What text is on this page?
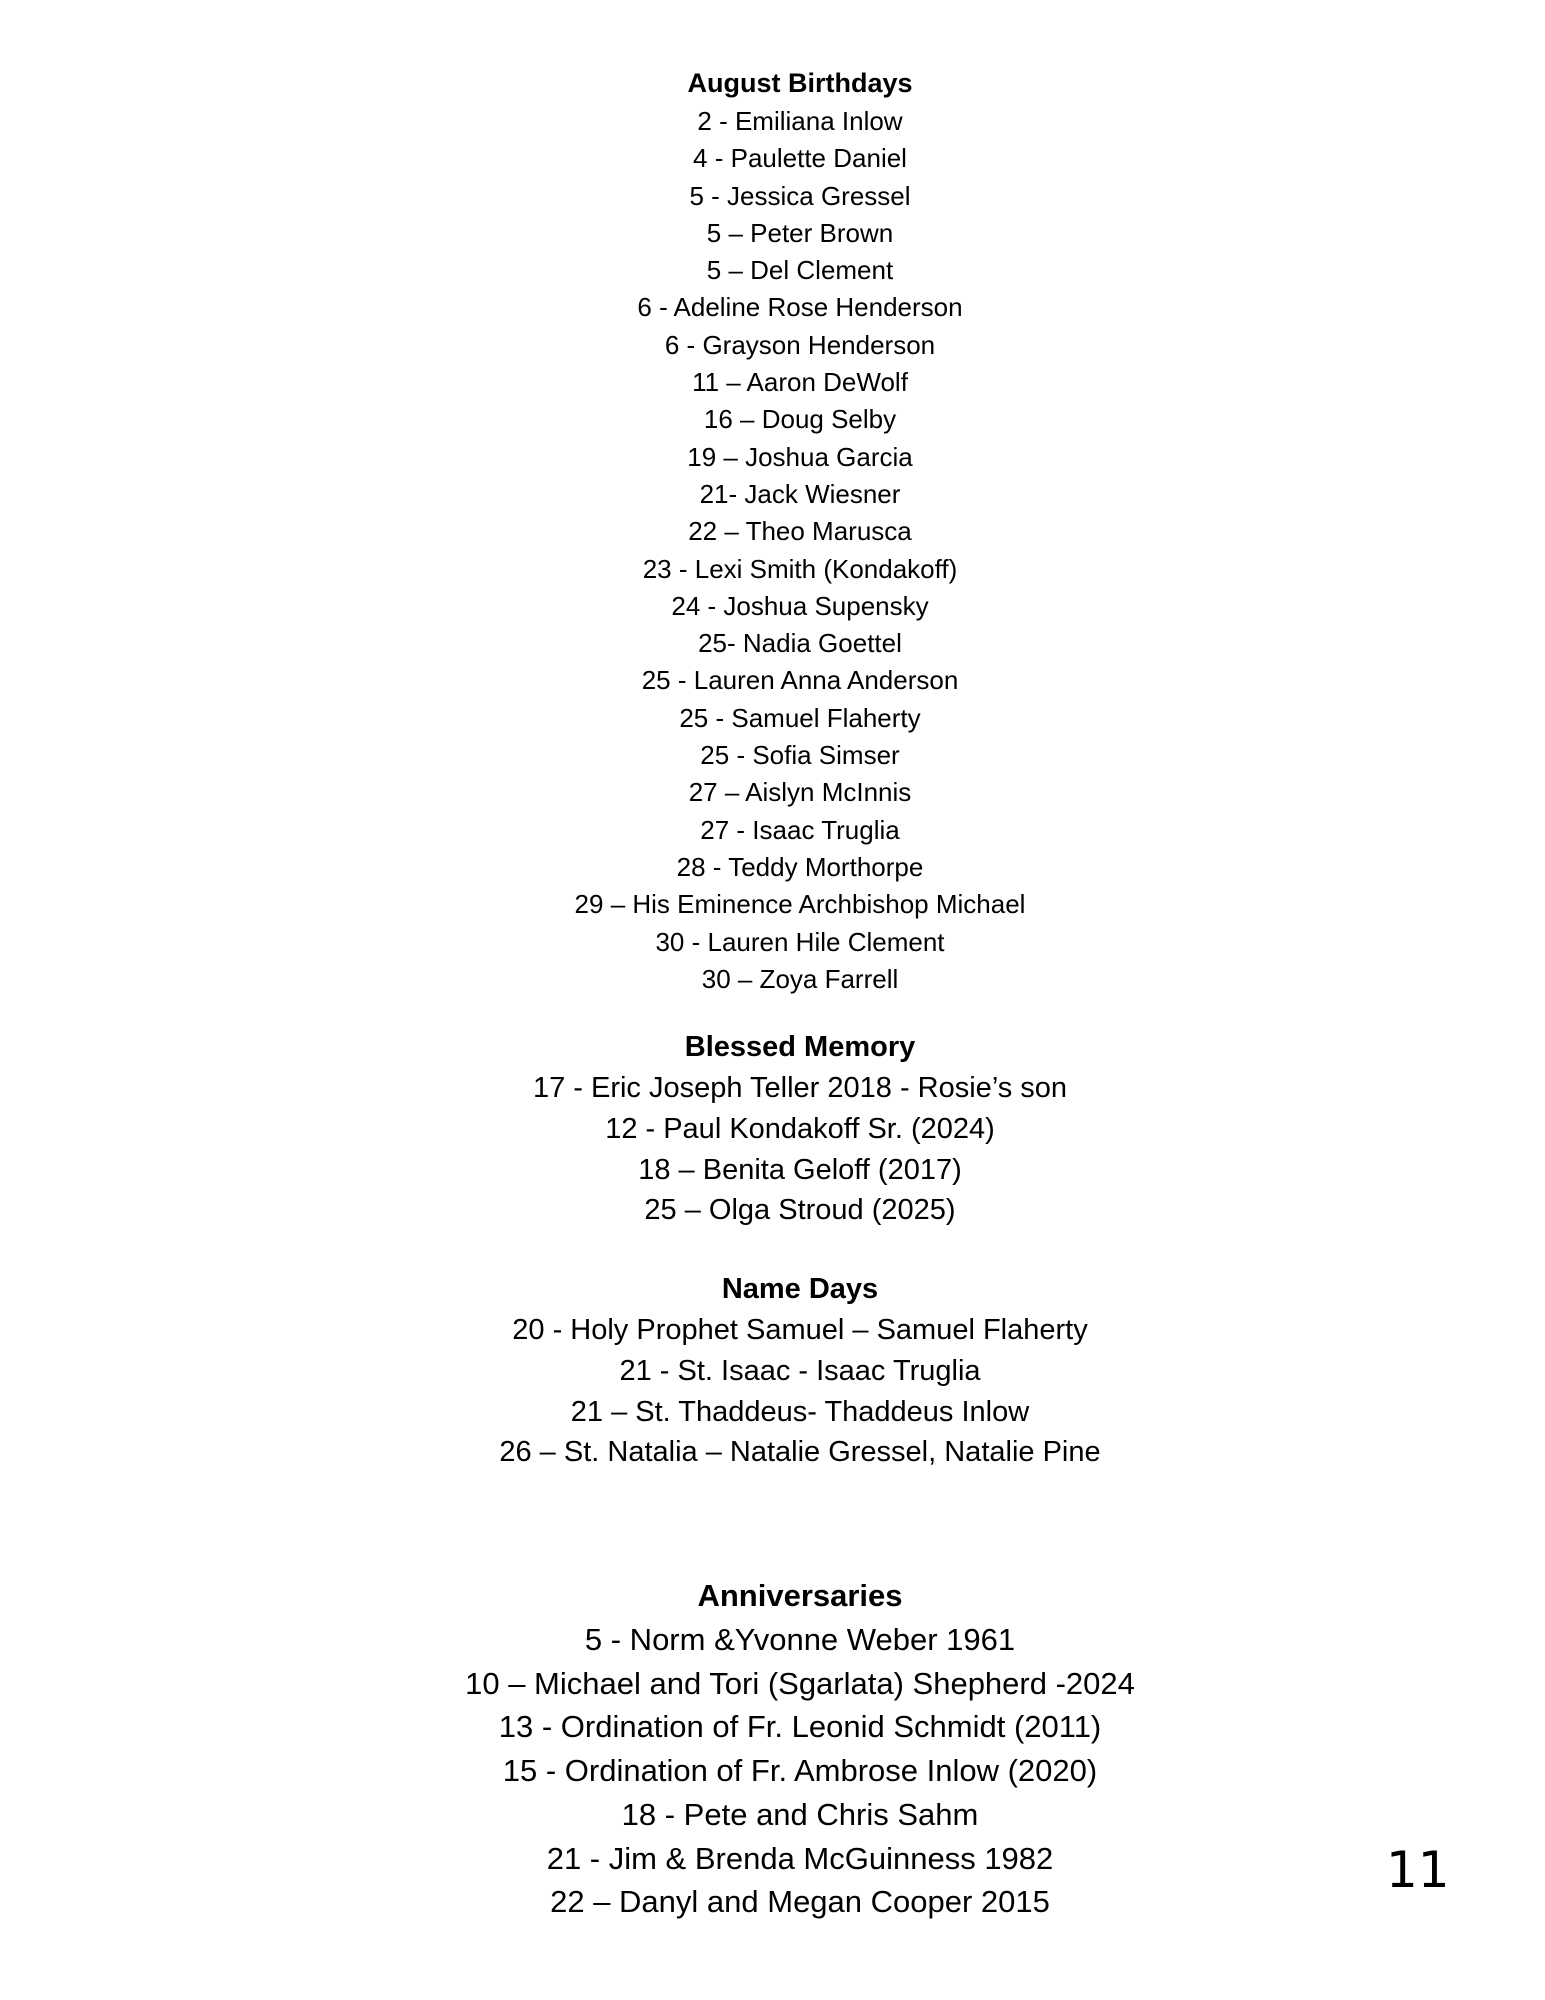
August Birthdays
2 - Emiliana Inlow
4 - Paulette Daniel
5 - Jessica Gressel
5 – Peter Brown
5 – Del Clement
6 - Adeline Rose Henderson
6 - Grayson Henderson
11 – Aaron DeWolf
16 – Doug Selby
19 – Joshua Garcia
21- Jack Wiesner
22 – Theo Marusca
23 - Lexi Smith (Kondakoff)
24 - Joshua Supensky
25- Nadia Goettel
25 - Lauren Anna Anderson
25 - Samuel Flaherty
25 - Sofia Simser
27 – Aislyn McInnis
27 - Isaac Truglia
28 - Teddy Morthorpe
29 – His Eminence Archbishop Michael
30 - Lauren Hile Clement
30 – Zoya Farrell
Blessed Memory
17 - Eric Joseph Teller 2018 - Rosie’s son
12 - Paul Kondakoff Sr. (2024)
18 – Benita Geloff (2017)
25 – Olga Stroud (2025)
Name Days
20 - Holy Prophet Samuel – Samuel Flaherty
21 - St. Isaac - Isaac Truglia
21 – St. Thaddeus- Thaddeus Inlow
26 – St. Natalia – Natalie Gressel, Natalie Pine
Anniversaries
5 - Norm &Yvonne Weber 1961
10 – Michael and Tori (Sgarlata) Shepherd -2024
13 - Ordination of Fr. Leonid Schmidt (2011)
15 - Ordination of Fr. Ambrose Inlow (2020)
18 - Pete and Chris Sahm
21 - Jim & Brenda McGuinness 1982
22 – Danyl and Megan Cooper 2015
11
